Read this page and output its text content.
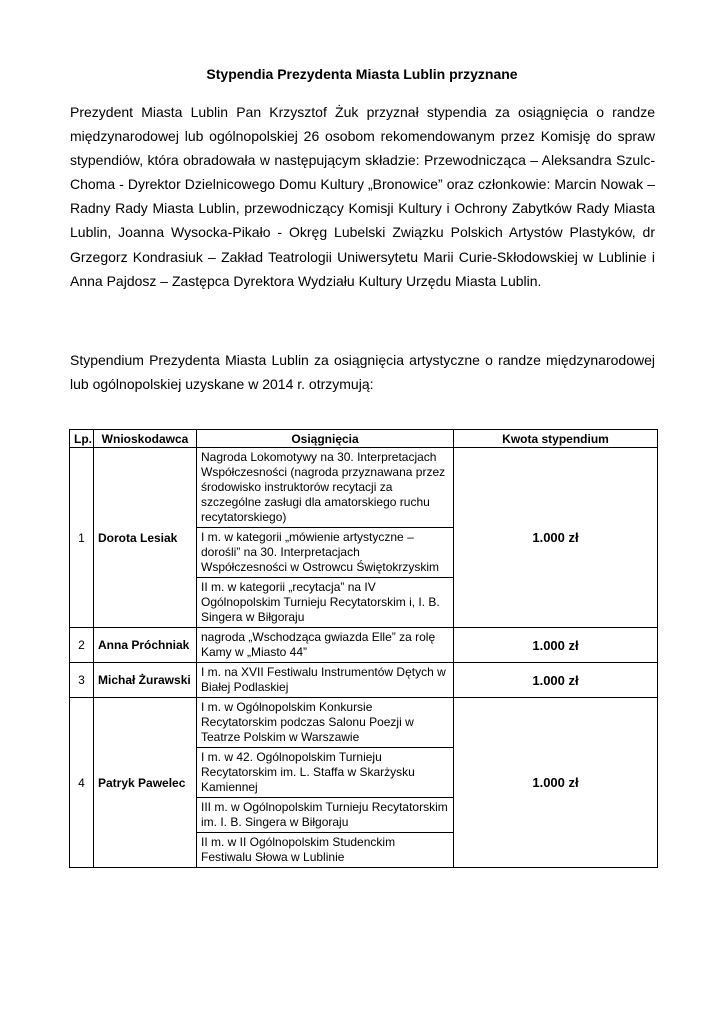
Stypendia Prezydenta Miasta Lublin przyznane
Prezydent Miasta Lublin Pan Krzysztof Żuk przyznał stypendia za osiągnięcia o randze międzynarodowej lub ogólnopolskiej 26 osobom rekomendowanym przez Komisję do spraw stypendiów, która obradowała w następującym składzie: Przewodnicząca – Aleksandra Szulc-Choma - Dyrektor Dzielnicowego Domu Kultury „Bronowice” oraz członkowie: Marcin Nowak – Radny Rady Miasta Lublin, przewodniczący Komisji Kultury i Ochrony Zabytków Rady Miasta Lublin, Joanna Wysocka-Pikało - Okręg Lubelski Związku Polskich Artystów Plastyków, dr Grzegorz Kondrasiuk – Zakład Teatrologii Uniwersytetu Marii Curie-Skłodowskiej w Lublinie i Anna Pajdosz – Zastępca Dyrektora Wydziału Kultury Urzędu Miasta Lublin.
Stypendium Prezydenta Miasta Lublin za osiągnięcia artystyczne o randze międzynarodowej lub ogólnopolskiej uzyskane w 2014 r. otrzymują:
Lp.	Wnioskodawca	Osiągnięcia	Kwota stypendium
1	Dorota Lesiak	Nagroda Lokomotywy na 30. Interpretacjach Współczesności (nagroda przyznawana przez środowisko instruktorów recytacji za szczególne zasługi dla amatorskiego ruchu recytatorskiego)	1.000 zł
		I m. w kategorii „mówienie artystyczne – dorośli” na 30. Interpretacjach Współczesności w Ostrowcu Świętokrzyskim	
		II m. w kategorii „recytacja” na IV Ogólnopolskim Turnieju Recytatorskim i, I. B. Singera w Biłgoraju	
2	Anna Próchniak	nagroda „Wschodząca gwiazda Elle” za rolę Kamy w „Miasto 44”	1.000 zł
3	Michał Żurawski	I m. na XVII Festiwalu Instrumentów Dętych w Białej Podlaskiej	1.000 zł
4	Patryk Pawelec	I m. w Ogólnopolskim Konkursie Recytatorskim podczas Salonu Poezji w Teatrze Polskim w Warszawie	1.000 zł
		I m. w 42. Ogólnopolskim Turnieju Recytatorskim im. L. Staffa w Skarżysku Kamiennej	
		III m. w Ogólnopolskim Turnieju Recytatorskim im. I. B. Singera w Biłgoraju	
		II m. w II Ogólnopolskim Studenckim Festiwalu Słowa w Lublinie	
